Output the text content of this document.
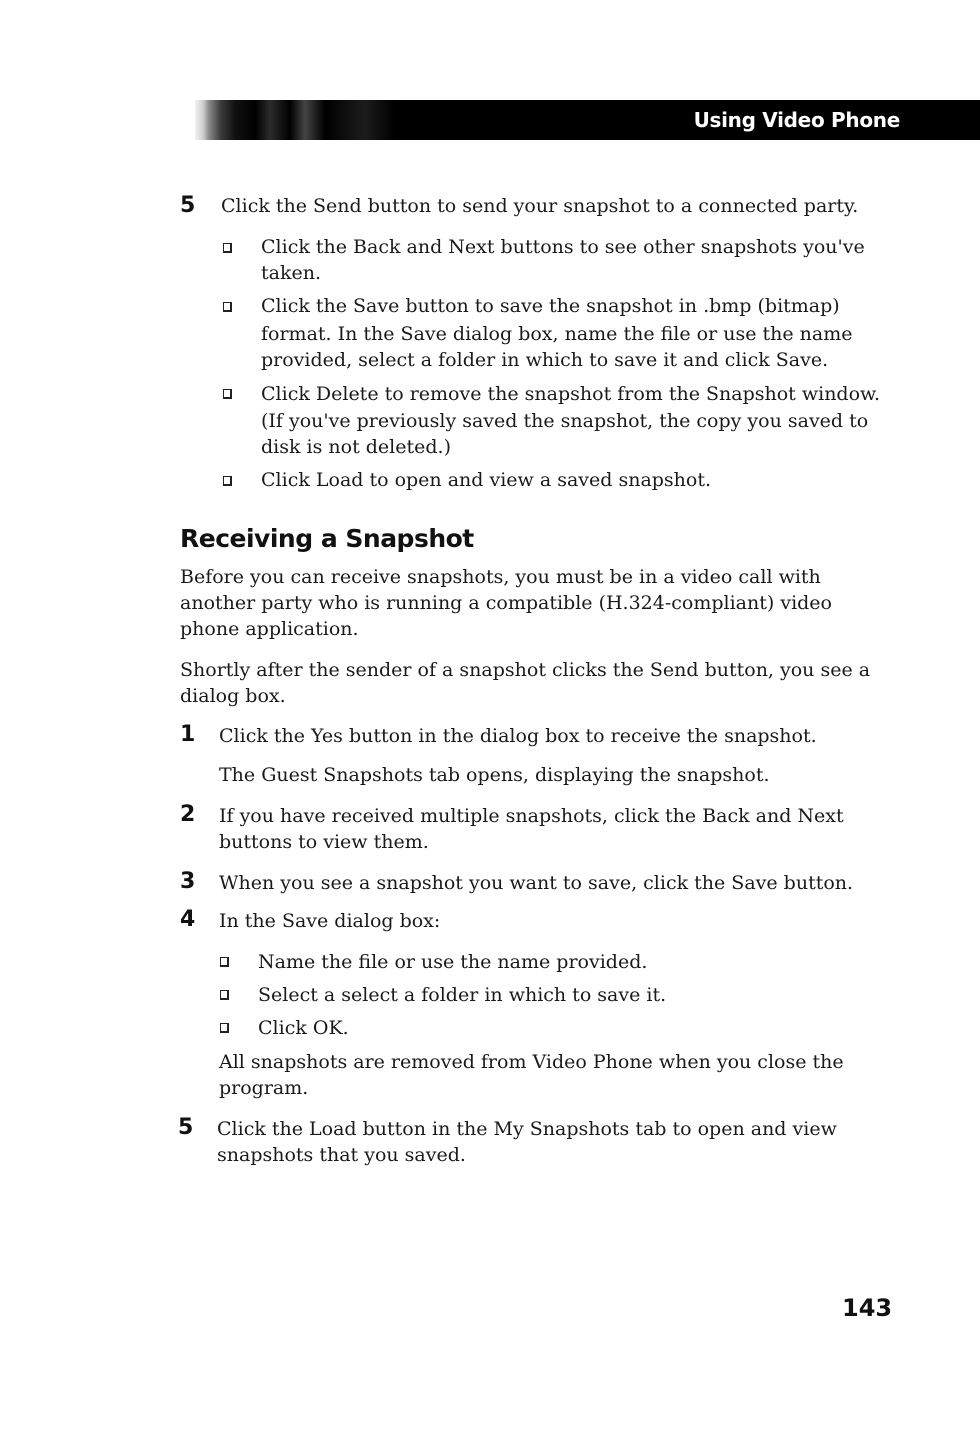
Using Video Phone
5 Click the Send button to send your snapshot to a connected party.
Click the Back and Next buttons to see other snapshots you've
taken.
Click the Save button to save the snapshot in .bmp (bitmap)
format. In the Save dialog box, name the file or use the name
provided, select a folder in which to save it and click Save.
Click Delete to remove the snapshot from the Snapshot window.
(If you've previously saved the snapshot, the copy you saved to
disk is not deleted.)
Click Load to open and view a saved snapshot.
Receiving a Snapshot
Before you can receive snapshots, you must be in a video call with
another party who is running a compatible (H.324-compliant) video
phone application.
Shortly after the sender of a snapshot clicks the Send button, you see a
dialog box.
1 Click the Yes button in the dialog box to receive the snapshot.
The Guest Snapshots tab opens, displaying the snapshot.
2 If you have received multiple snapshots, click the Back and Next
buttons to view them.
3 When you see a snapshot you want to save, click the Save button.
4 In the Save dialog box:
Name the file or use the name provided.
Select a select a folder in which to save it.
Click OK.
All snapshots are removed from Video Phone when you close the
program.
5 Click the Load button in the My Snapshots tab to open and view
snapshots that you saved.
143
